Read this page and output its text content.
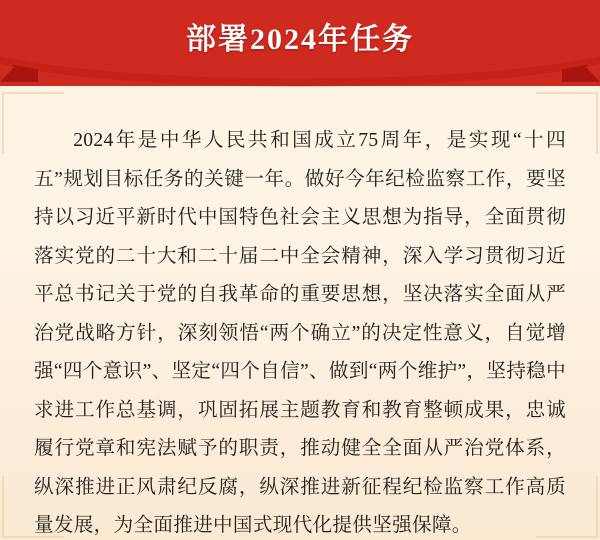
部署2024年任务

2024年是中华人民共和国成立75周年，是实现“十四五”规划目标任务的关键一年。做好今年纪检监察工作，要坚持以习近平新时代中国特色社会主义思想为指导，全面贯彻落实党的二十大和二十届二中全会精神，深入学习贯彻习近平总书记关于党的自我革命的重要思想，坚决落实全面从严治党战略方针，深刻领悟“两个确立”的决定性意义，自觉增强“四个意识”、坚定“四个自信”、做到“两个维护”，坚持稳中求进工作总基调，巩固拓展主题教育和教育整顿成果，忠诚履行党章和宪法赋予的职责，推动健全全面从严治党体系，纵深推进正风肃纪反腐，纵深推进新征程纪检监察工作高质量发展，为全面推进中国式现代化提供坚强保障。
